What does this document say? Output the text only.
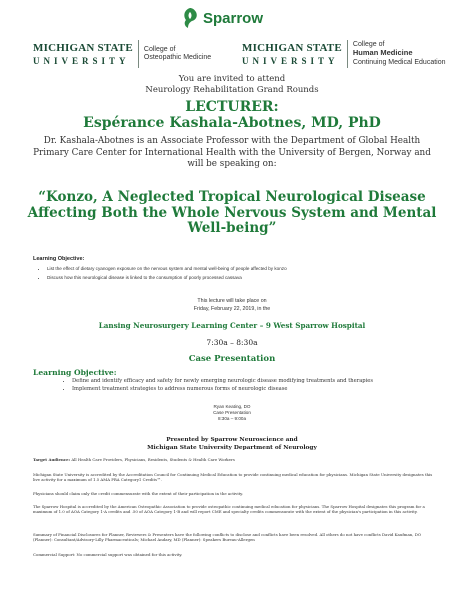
Sparrow
MICHIGAN STATE
UNIVERSITY
College of
Osteopathic Medicine
MICHIGAN STATE
UNIVERSITY
College of
Human Medicine
Continuing Medical Education
You are invited to attend
Neurology Rehabilitation Grand Rounds
LECTURER:
Espérance Kashala-Abotnes, MD, PhD
Dr. Kashala-Abotnes is an Associate Professor with the Department of Global Health Primary Care Center for International Health with the University of Bergen, Norway and will be speaking on:
“Konzo, A Neglected Tropical Neurological Disease Affecting Both the Whole Nervous System and Mental Well-being”
Learning Objective:
• List the effect of dietary cyanogen exposure on the nervous system and mental well-being of people affected by konzo
• Discuss how this neurological disease is linked to the consumption of poorly processed cassava
This lecture will take place on
Friday, February 22, 2019, in the
Lansing Neurosurgery Learning Center – 9 West Sparrow Hospital
7:30a – 8:30a
Case Presentation
Learning Objective:
• Define and identify efficacy and safety for newly emerging neurologic disease modifying treatments and therapies
• Implement treatment strategies to address numerous forms of neurologic disease
Ryan Keating, DO
Case Presentation
8:30a – 9:00a
Presented by Sparrow Neuroscience and
Michigan State University Department of Neurology
Target Audience: All Health Care Providers, Physicians, Residents, Students & Health Care Workers
Michigan State University is accredited by the Accreditation Council for Continuing Medical Education to provide continuing medical education for physicians. Michigan State University designates this live activity for a maximum of 1.5 AMA PRA Category1 Credits™.
Physicians should claim only the credit commensurate with the extent of their participation in the activity.
The Sparrow Hospital is accredited by the American Osteopathic Association to provide osteopathic continuing medical education for physicians. The Sparrow Hospital designates this program for a maximum of 1.0 of AOA Category 1-A credits and .50 of AOA Category 1-B and will report CME and specialty credits commensurate with the extent of the physician's participation in this activity.
Summary of Financial Disclosures for Planner, Reviewers & Presenters have the following conflicts to disclose and conflicts have been resolved. All others do not have conflicts David Kaufman, DO (Planner): Consultant/Advisory-Lilly Pharmaceuticals; Michael Andary, MD (Planner): Speakers Bureau-Allergen
Commercial Support: No commercial support was obtained for this activity.
